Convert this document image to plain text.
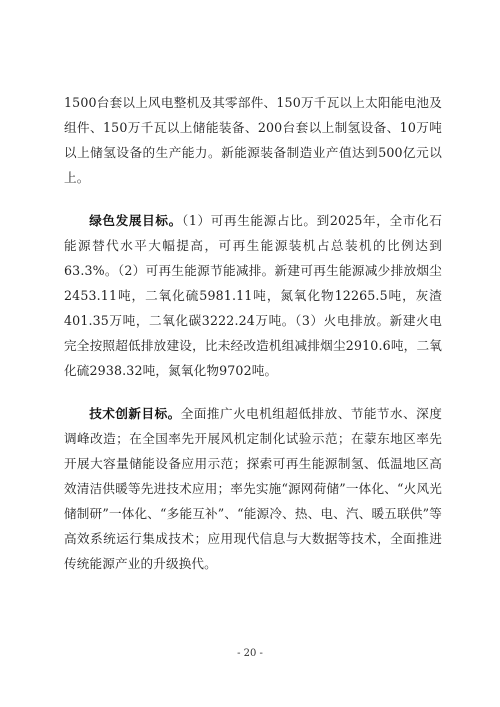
1500台套以上风电整机及其零部件、150万千瓦以上太阳能电池及组件、150万千瓦以上储能装备、200台套以上制氢设备、10万吨以上储氢设备的生产能力。新能源装备制造业产值达到500亿元以上。

绿色发展目标。（1）可再生能源占比。到2025年，全市化石能源替代水平大幅提高，可再生能源装机占总装机的比例达到63.3%。（2）可再生能源节能减排。新建可再生能源减少排放烟尘2453.11吨，二氧化硫5981.11吨，氮氧化物12265.5吨，灰渣401.35万吨，二氧化碳3222.24万吨。（3）火电排放。新建火电完全按照超低排放建设，比未经改造机组减排烟尘2910.6吨，二氧化硫2938.32吨，氮氧化物9702吨。

技术创新目标。全面推广火电机组超低排放、节能节水、深度调峰改造；在全国率先开展风机定制化试验示范；在蒙东地区率先开展大容量储能设备应用示范；探索可再生能源制氢、低温地区高效清洁供暖等先进技术应用；率先实施“源网荷储”一体化、“火风光储制研”一体化、“多能互补”、“能源冷、热、电、汽、暖五联供”等高效系统运行集成技术；应用现代信息与大数据等技术，全面推进传统能源产业的升级换代。

- 20 -
